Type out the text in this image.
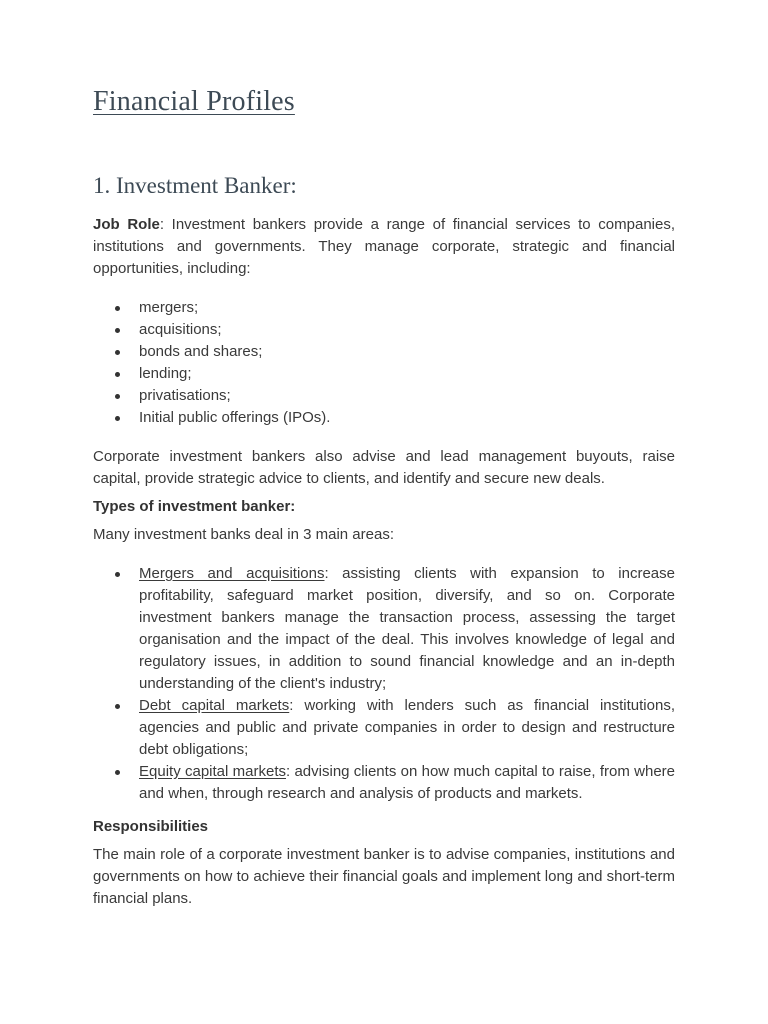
Financial Profiles
1. Investment Banker:

Job Role: Investment bankers provide a range of financial services to companies, institutions and governments. They manage corporate, strategic and financial opportunities, including:

mergers;
acquisitions;
bonds and shares;
lending;
privatisations;
Initial public offerings (IPOs).

Corporate investment bankers also advise and lead management buyouts, raise capital, provide strategic advice to clients, and identify and secure new deals.

Types of investment banker:

Many investment banks deal in 3 main areas:

Mergers and acquisitions: assisting clients with expansion to increase profitability, safeguard market position, diversify, and so on. Corporate investment bankers manage the transaction process, assessing the target organisation and the impact of the deal. This involves knowledge of legal and regulatory issues, in addition to sound financial knowledge and an in-depth understanding of the client's industry;
Debt capital markets: working with lenders such as financial institutions, agencies and public and private companies in order to design and restructure debt obligations;
Equity capital markets: advising clients on how much capital to raise, from where and when, through research and analysis of products and markets.

Responsibilities

The main role of a corporate investment banker is to advise companies, institutions and governments on how to achieve their financial goals and implement long and short-term financial plans.
